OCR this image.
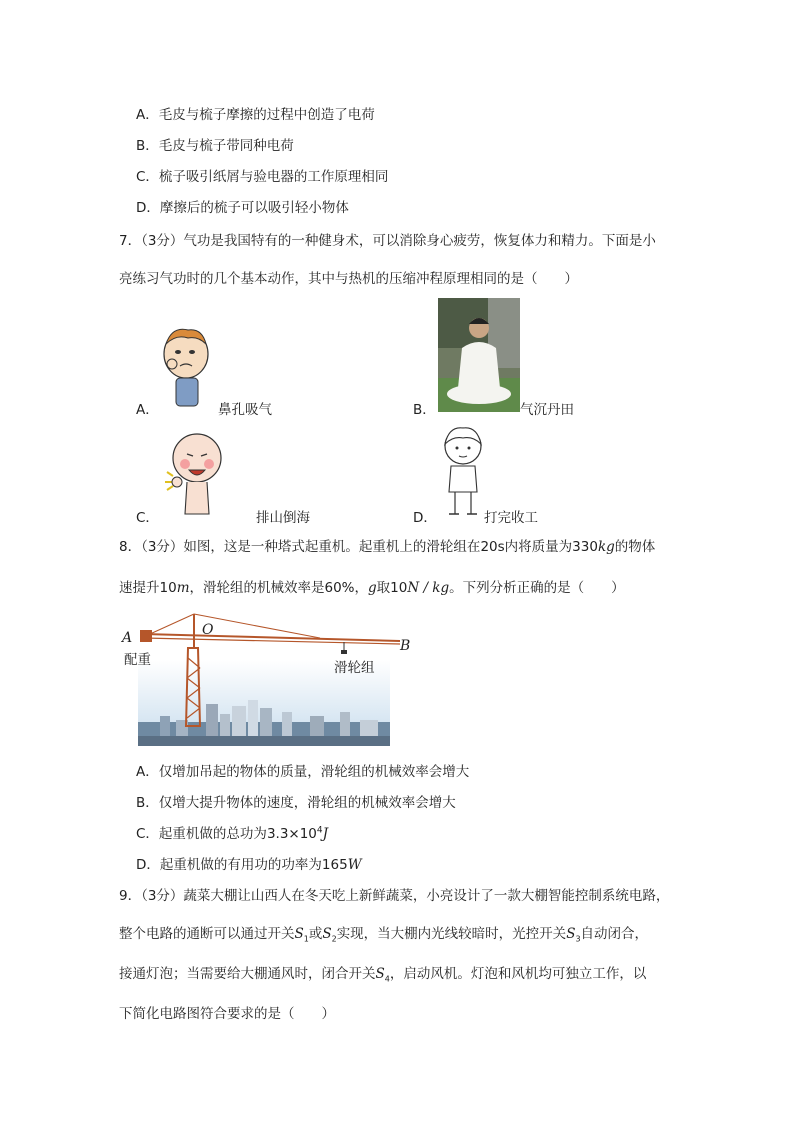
A．毛皮与梳子摩擦的过程中创造了电荷
B．毛皮与梳子带同种电荷
C．梳子吸引纸屑与验电器的工作原理相同
D．摩擦后的梳子可以吸引轻小物体
7．（3分）气功是我国特有的一种健身术，可以消除身心疲劳，恢复体力和精力。下面是小
亮练习气功时的几个基本动作，其中与热机的压缩冲程原理相同的是（　　）
A．	鼻孔吸气	B．	气沉丹田
C．	排山倒海	D．	打完收工
8．（3分）如图，这是一种塔式起重机。起重机上的滑轮组在20s内将质量为330kg的物体
速提升10m，滑轮组的机械效率是60%，g取10N / kg。下列分析正确的是（　　）
A	O
B
配重	滑轮组
A．仅增加吊起的物体的质量，滑轮组的机械效率会增大
B．仅增大提升物体的速度，滑轮组的机械效率会增大
C．起重机做的总功为$3.3\times 10^4J$
D．起重机做的有用功的功率为165W
9．（3分）蔬菜大棚让山西人在冬天吃上新鲜蔬菜，小亮设计了一款大棚智能控制系统电路，
整个电路的通断可以通过开关$S_1$或$S_2$实现，当大棚内光线较暗时，光控开关$S_3$自动闭合，
接通灯泡；当需要给大棚通风时，闭合开关$S_4$，启动风机。灯泡和风机均可独立工作，以
下简化电路图符合要求的是（　　）
